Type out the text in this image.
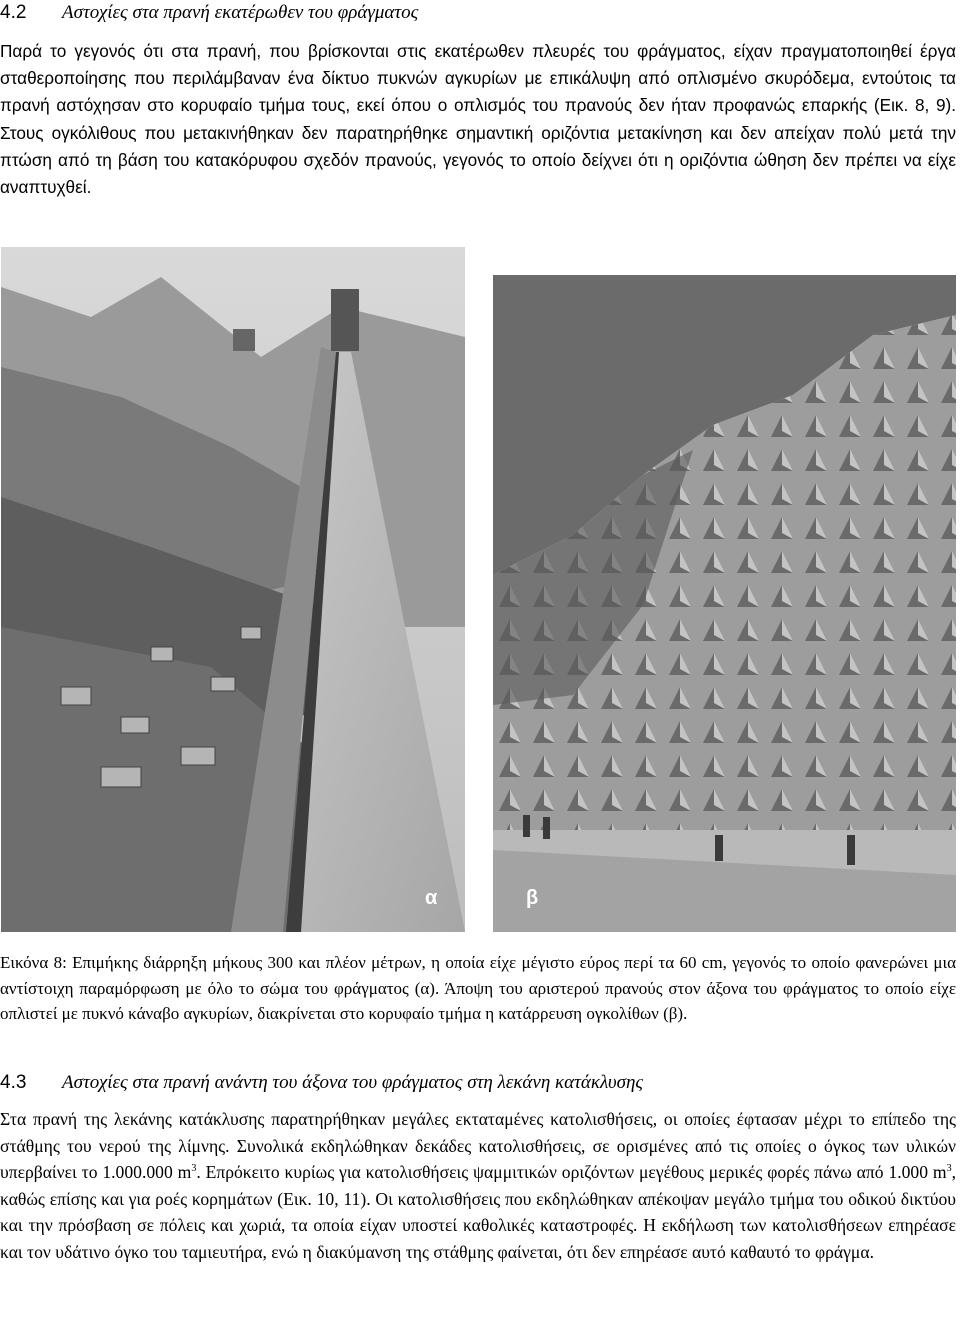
4.2 Αστοχίες στα πρανή εκατέρωθεν του φράγματος

Παρά το γεγονός ότι στα πρανή, που βρίσκονται στις εκατέρωθεν πλευρές του φράγματος, είχαν πραγματοποιηθεί έργα σταθεροποίησης που περιλάμβαναν ένα δίκτυο πυκνών αγκυρίων με επικάλυψη από οπλισμένο σκυρόδεμα, εντούτοις τα πρανή αστόχησαν στο κορυφαίο τμήμα τους, εκεί όπου ο οπλισμός του πρανούς δεν ήταν προφανώς επαρκής (Εικ. 8, 9). Στους ογκόλιθους που μετακινήθηκαν δεν παρατηρήθηκε σημαντική οριζόντια μετακίνηση και δεν απείχαν πολύ μετά την πτώση από τη βάση του κατακόρυφου σχεδόν πρανούς, γεγονός το οποίο δείχνει ότι η οριζόντια ώθηση δεν πρέπει να είχε αναπτυχθεί.

α	β

Εικόνα 8: Επιμήκης διάρρηξη μήκους 300 και πλέον μέτρων, η οποία είχε μέγιστο εύρος περί τα 60 cm, γεγονός το οποίο φανερώνει μια αντίστοιχη παραμόρφωση με όλο το σώμα του φράγματος (α). Άποψη του αριστερού πρανούς στον άξονα του φράγματος το οποίο είχε οπλιστεί με πυκνό κάναβο αγκυρίων, διακρίνεται στο κορυφαίο τμήμα η κατάρρευση ογκολίθων (β).

4.3 Αστοχίες στα πρανή ανάντη του άξονα του φράγματος στη λεκάνη κατάκλυσης

Στα πρανή της λεκάνης κατάκλυσης παρατηρήθηκαν μεγάλες εκταταμένες κατολισθήσεις, οι οποίες έφτασαν μέχρι το επίπεδο της στάθμης του νερού της λίμνης. Συνολικά εκδηλώθηκαν δεκάδες κατολισθήσεις, σε ορισμένες από τις οποίες ο όγκος των υλικών υπερβαίνει το 1.000.000 $m^3$. Επρόκειτο κυρίως για κατολισθήσεις ψαμμιτικών οριζόντων μεγέθους μερικές φορές πάνω από 1.000 $m^3$, καθώς επίσης και για ροές κορημάτων (Εικ. 10, 11). Οι κατολισθήσεις που εκδηλώθηκαν απέκοψαν μεγάλο τμήμα του οδικού δικτύου και την πρόσβαση σε πόλεις και χωριά, τα οποία είχαν υποστεί καθολικές καταστροφές. Η εκδήλωση των κατολισθήσεων επηρέασε και τον υδάτινο όγκο του ταμιευτήρα, ενώ η διακύμανση της στάθμης φαίνεται, ότι δεν επηρέασε αυτό καθαυτό το φράγμα.
